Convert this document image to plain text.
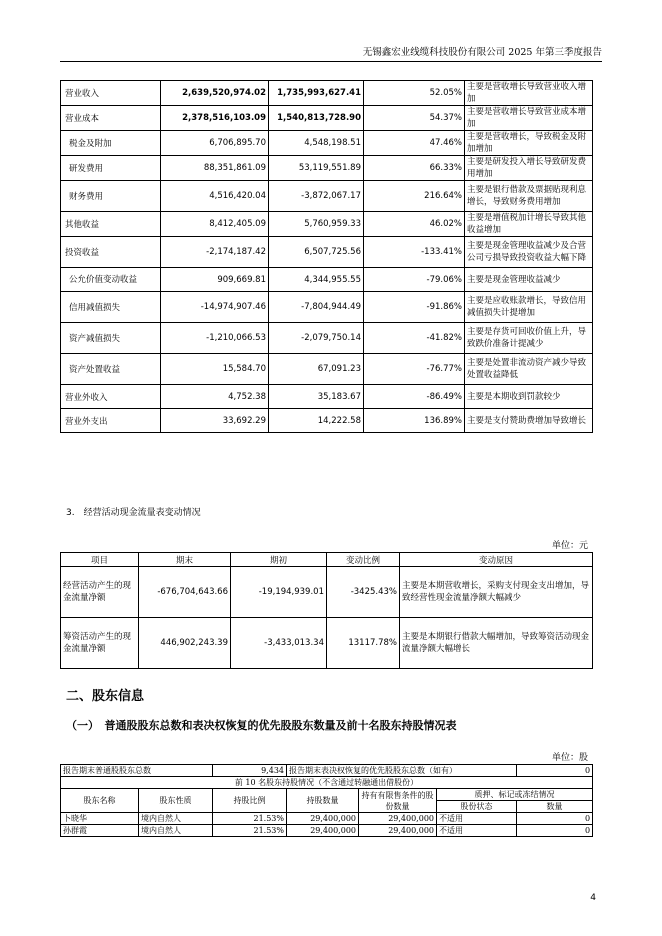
无锡鑫宏业线缆科技股份有限公司 2025 年第三季度报告
营业收入	2,639,520,974.02	1,735,993,627.41	52.05%	主要是营收增长导致营业收入增加
营业成本	2,378,516,103.09	1,540,813,728.90	54.37%	主要是营收增长导致营业成本增加
税金及附加	6,706,895.70	4,548,198.51	47.46%	主要是营收增长，导致税金及附加增加
研发费用	88,351,861.09	53,119,551.89	66.33%	主要是研发投入增长导致研发费用增加
财务费用	4,516,420.04	-3,872,067.17	216.64%	主要是银行借款及票据贴现利息增长，导致财务费用增加
其他收益	8,412,405.09	5,760,959.33	46.02%	主要是增值税加计增长导致其他收益增加
投资收益	-2,174,187.42	6,507,725.56	-133.41%	主要是现金管理收益减少及合营公司亏损导致投资收益大幅下降
公允价值变动收益	909,669.81	4,344,955.55	-79.06%	主要是现金管理收益减少
信用减值损失	-14,974,907.46	-7,804,944.49	-91.86%	主要是应收账款增长，导致信用减值损失计提增加
资产减值损失	-1,210,066.53	-2,079,750.14	-41.82%	主要是存货可回收价值上升，导致跌价准备计提减少
资产处置收益	15,584.70	67,091.23	-76.77%	主要是处置非流动资产减少导致处置收益降低
营业外收入	4,752.38	35,183.67	-86.49%	主要是本期收到罚款较少
营业外支出	33,692.29	14,222.58	136.89%	主要是支付赞助费增加导致增长
3.　经营活动现金流量表变动情况
单位：元
项目	期末	期初	变动比例	变动原因
经营活动产生的现金流量净额	-676,704,643.66	-19,194,939.01	-3425.43%	主要是本期营收增长，采购支付现金支出增加，导致经营性现金流量净额大幅减少
筹资活动产生的现金流量净额	446,902,243.39	-3,433,013.34	13117.78%	主要是本期银行借款大幅增加，导致筹资活动现金流量净额大幅增长
二、股东信息
（一）　普通股股东总数和表决权恢复的优先股股东数量及前十名股东持股情况表
单位：股
报告期末普通股股东总数		9,434	报告期末表决权恢复的优先股股东总数（如有）			0
前 10 名股东持股情况（不含通过转融通出借股份）						
股东名称	股东性质	持股比例	持股数量	持有有限售条件的股份数量	质押、标记或冻结情况	
					股份状态	数量
卜晓华	境内自然人	21.53%	29,400,000	29,400,000	不适用	0
孙群霞	境内自然人	21.53%	29,400,000	29,400,000	不适用	0
4
